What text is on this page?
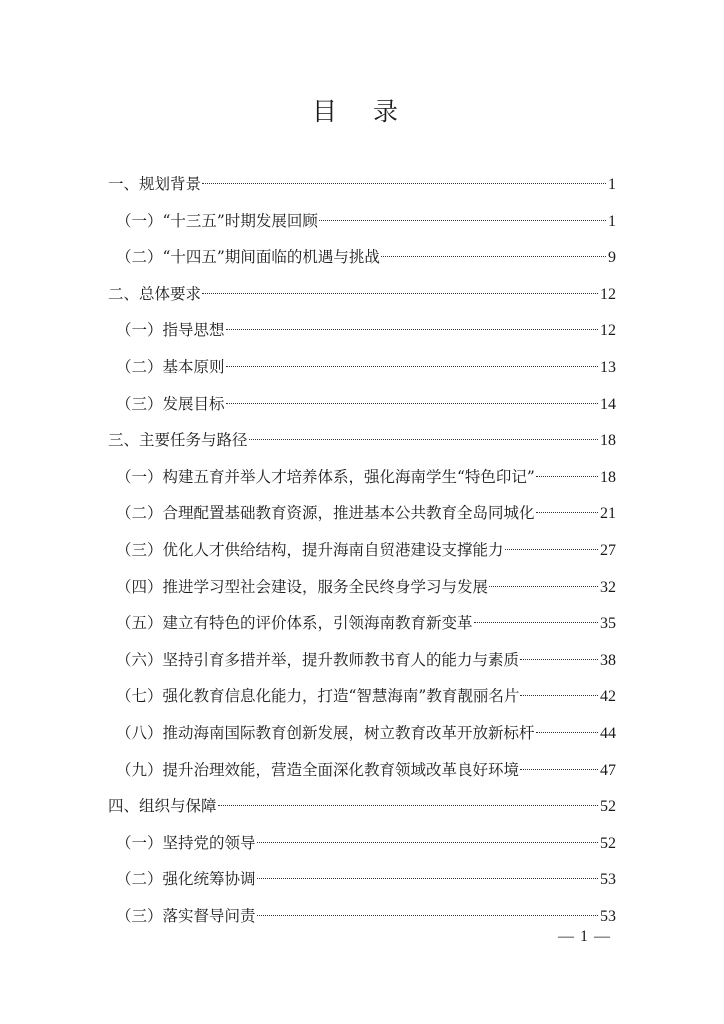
目 录
一、规划背景	1
（一）“十三五”时期发展回顾	1
（二）“十四五”期间面临的机遇与挑战	9
二、总体要求	12
（一）指导思想	12
（二）基本原则	13
（三）发展目标	14
三、主要任务与路径	18
（一）构建五育并举人才培养体系，强化海南学生“特色印记”	18
（二）合理配置基础教育资源，推进基本公共教育全岛同城化	21
（三）优化人才供给结构，提升海南自贸港建设支撑能力	27
（四）推进学习型社会建设，服务全民终身学习与发展	32
（五）建立有特色的评价体系，引领海南教育新变革	35
（六）坚持引育多措并举，提升教师教书育人的能力与素质	38
（七）强化教育信息化能力，打造“智慧海南”教育靓丽名片	42
（八）推动海南国际教育创新发展，树立教育改革开放新标杆	44
（九）提升治理效能，营造全面深化教育领域改革良好环境	47
四、组织与保障	52
（一）坚持党的领导	52
（二）强化统筹协调	53
（三）落实督导问责	53
— 1 —
